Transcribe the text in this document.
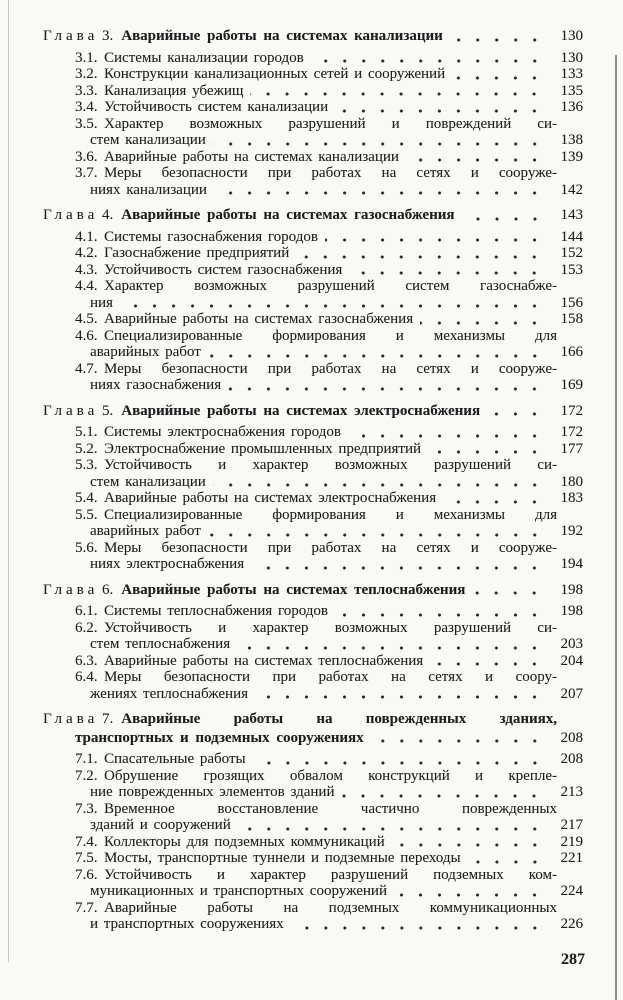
Глава 3. Аварийные работы на системах канализации	130
3.1. Системы канализации городов	130
3.2. Конструкции канализационных сетей и сооружений	133
3.3. Канализация убежищ	135
3.4. Устойчивость систем канализации	136
3.5. Характер возможных разрушений и повреждений си-
стем канализации	138
3.6. Аварийные работы на системах канализации	139
3.7. Меры безопасности при работах на сетях и сооруже-
ниях канализации	142
Глава 4. Аварийные работы на системах газоснабжения	143
4.1. Системы газоснабжения городов	144
4.2. Газоснабжение предприятий	152
4.3. Устойчивость систем газоснабжения	153
4.4. Характер возможных разрушений систем газоснабже-
ния	156
4.5. Аварийные работы на системах газоснабжения	158
4.6. Специализированные формирования и механизмы для
аварийных работ	166
4.7. Меры безопасности при работах на сетях и сооруже-
ниях газоснабжения	169
Глава 5. Аварийные работы на системах электроснабжения	172
5.1. Системы электроснабжения городов	172
5.2. Электроснабжение промышленных предприятий	177
5.3. Устойчивость и характер возможных разрушений си-
стем канализации	180
5.4. Аварийные работы на системах электроснабжения	183
5.5. Специализированные формирования и механизмы для
аварийных работ	192
5.6. Меры безопасности при работах на сетях и сооруже-
ниях электроснабжения	194
Глава 6. Аварийные работы на системах теплоснабжения	198
6.1. Системы теплоснабжения городов	198
6.2. Устойчивость и характер возможных разрушений си-
стем теплоснабжения	203
6.3. Аварийные работы на системах теплоснабжения	204
6.4. Меры безопасности при работах на сетях и соору-
жениях теплоснабжения	207
Глава 7. Аварийные работы на поврежденных зданиях,
транспортных и подземных сооружениях	208
7.1. Спасательные работы	208
7.2. Обрушение грозящих обвалом конструкций и крепле-
ние поврежденных элементов зданий	213
7.3. Временное восстановление частично поврежденных
зданий и сооружений	217
7.4. Коллекторы для подземных коммуникаций	219
7.5. Мосты, транспортные туннели и подземные переходы	221
7.6. Устойчивость и характер разрушений подземных ком-
муникационных и транспортных сооружений	224
7.7. Аварийные работы на подземных коммуникационных
и транспортных сооружениях	226
287
